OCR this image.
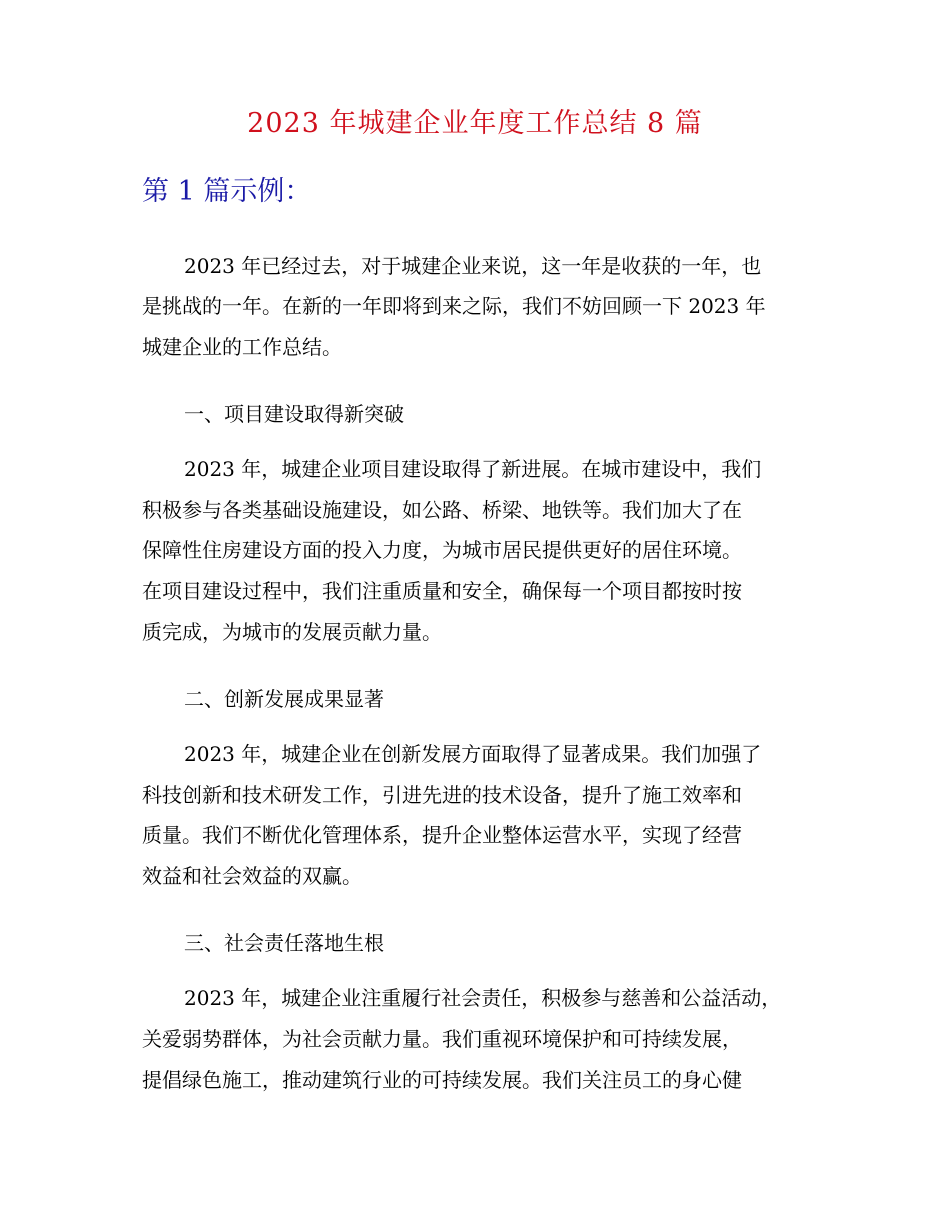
2023 年城建企业年度工作总结 8 篇
第 1 篇示例：
2023 年已经过去，对于城建企业来说，这一年是收获的一年，也
是挑战的一年。在新的一年即将到来之际，我们不妨回顾一下 2023 年
城建企业的工作总结。
一、项目建设取得新突破
2023 年，城建企业项目建设取得了新进展。在城市建设中，我们
积极参与各类基础设施建设，如公路、桥梁、地铁等。我们加大了在
保障性住房建设方面的投入力度，为城市居民提供更好的居住环境。
在项目建设过程中，我们注重质量和安全，确保每一个项目都按时按
质完成，为城市的发展贡献力量。
二、创新发展成果显著
2023 年，城建企业在创新发展方面取得了显著成果。我们加强了
科技创新和技术研发工作，引进先进的技术设备，提升了施工效率和
质量。我们不断优化管理体系，提升企业整体运营水平，实现了经营
效益和社会效益的双赢。
三、社会责任落地生根
2023 年，城建企业注重履行社会责任，积极参与慈善和公益活动，
关爱弱势群体，为社会贡献力量。我们重视环境保护和可持续发展，
提倡绿色施工，推动建筑行业的可持续发展。我们关注员工的身心健
